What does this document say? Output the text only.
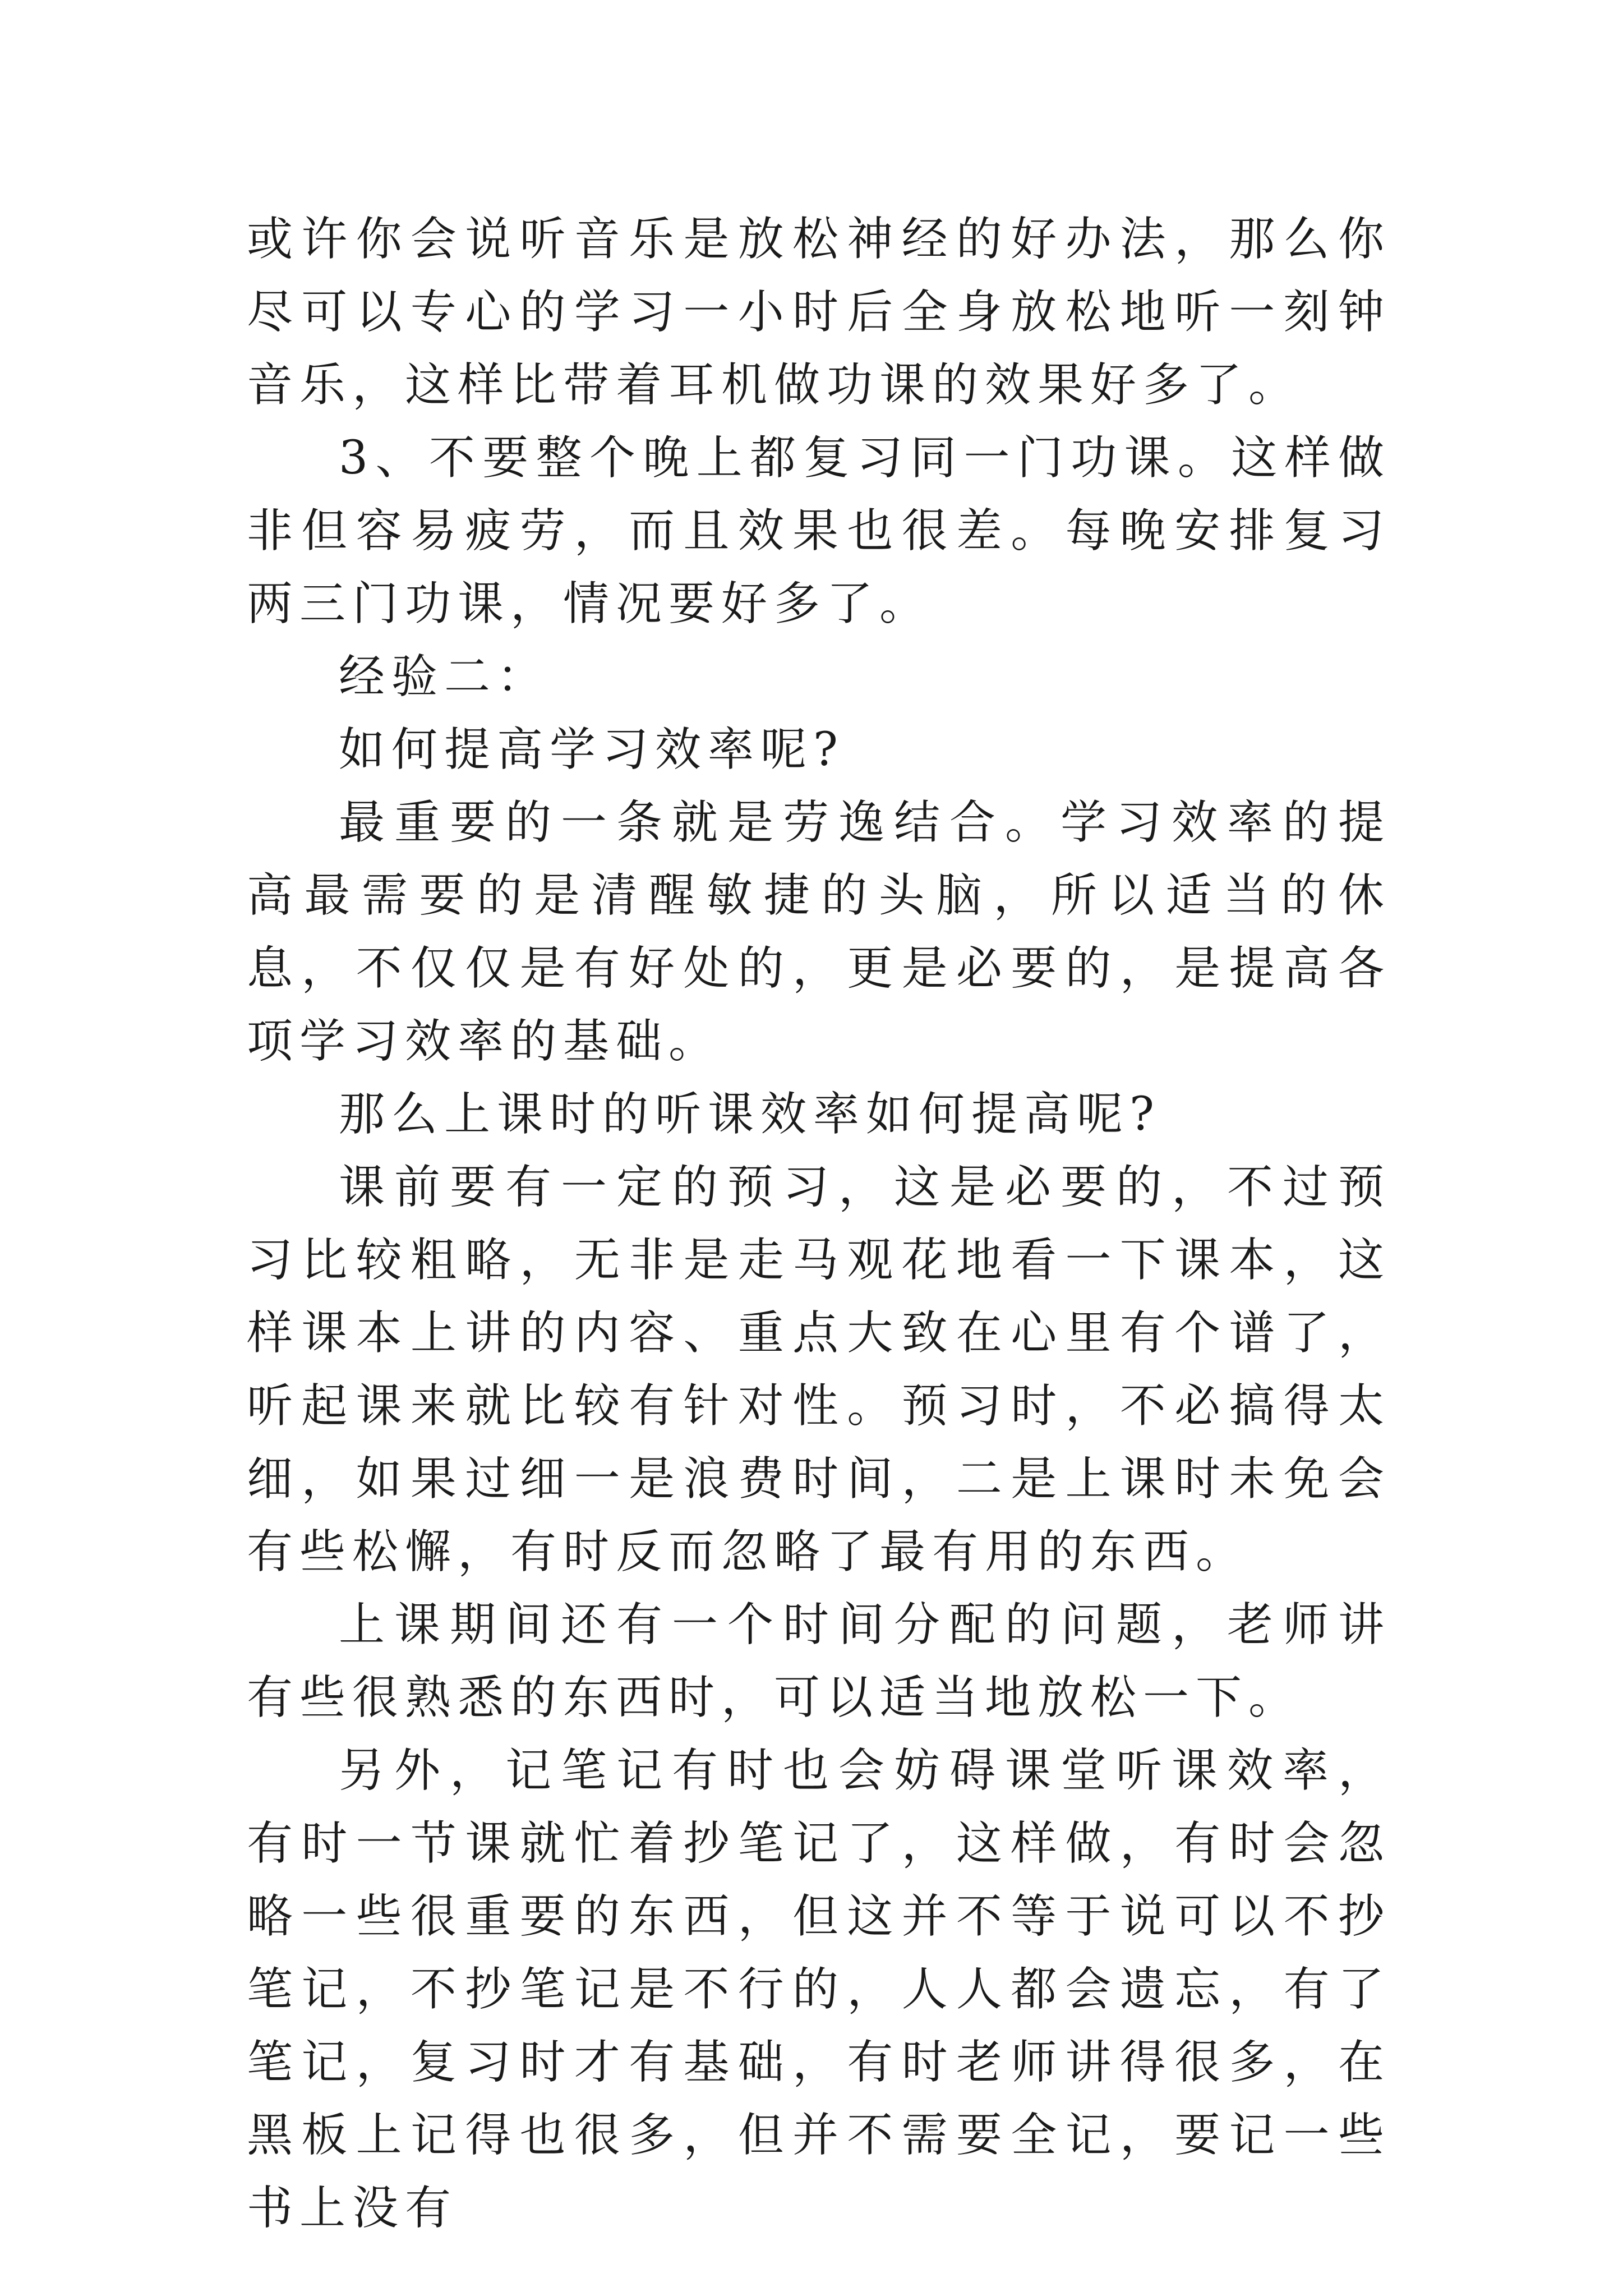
或许你会说听音乐是放松神经的好办法，那么你尽可以专心的学习一小时后全身放松地听一刻钟音乐，这样比带着耳机做功课的效果好多了。

3、不要整个晚上都复习同一门功课。这样做非但容易疲劳，而且效果也很差。每晚安排复习两三门功课，情况要好多了。

经验二：

如何提高学习效率呢?

最重要的一条就是劳逸结合。学习效率的提高最需要的是清醒敏捷的头脑，所以适当的休息，不仅仅是有好处的，更是必要的，是提高各项学习效率的基础。

那么上课时的听课效率如何提高呢?

课前要有一定的预习，这是必要的，不过预习比较粗略，无非是走马观花地看一下课本，这样课本上讲的内容、重点大致在心里有个谱了，听起课来就比较有针对性。预习时，不必搞得太细，如果过细一是浪费时间，二是上课时未免会有些松懈，有时反而忽略了最有用的东西。

上课期间还有一个时间分配的问题，老师讲有些很熟悉的东西时，可以适当地放松一下。

另外，记笔记有时也会妨碍课堂听课效率，有时一节课就忙着抄笔记了，这样做，有时会忽略一些很重要的东西，但这并不等于说可以不抄笔记，不抄笔记是不行的，人人都会遗忘，有了笔记，复习时才有基础，有时老师讲得很多，在黑板上记得也很多，但并不需要全记，要记一些书上没有
